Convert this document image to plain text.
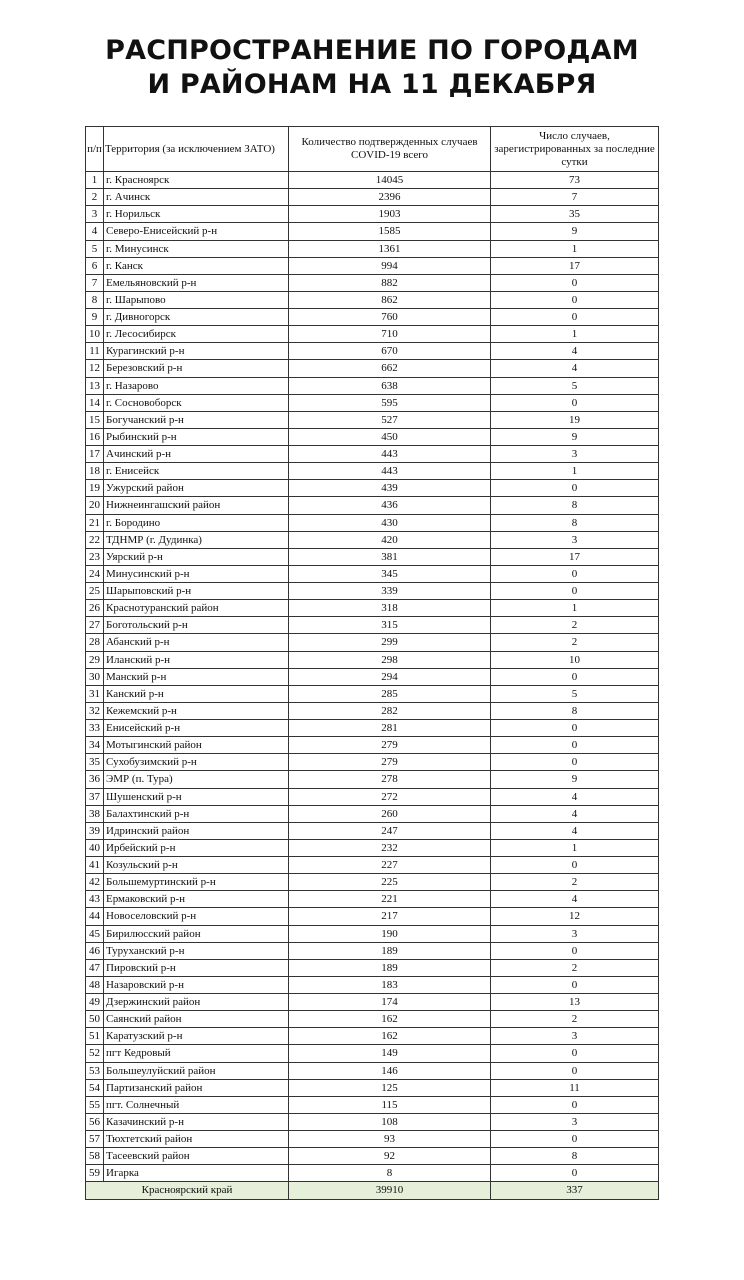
РАСПРОСТРАНЕНИЕ ПО ГОРОДАМ
И РАЙОНАМ НА 11 ДЕКАБРЯ
п/п	Территория (за исключением ЗАТО)	Количество подтвержденных случаев COVID-19 всего	Число случаев, зарегистрированных за последние сутки
1	г. Красноярск	14045	73
2	г. Ачинск	2396	7
3	г. Норильск	1903	35
4	Северо-Енисейский р-н	1585	9
5	г. Минусинск	1361	1
6	г. Канск	994	17
7	Емельяновский р-н	882	0
8	г. Шарыпово	862	0
9	г. Дивногорск	760	0
10	г. Лесосибирск	710	1
11	Курагинский р-н	670	4
12	Березовский р-н	662	4
13	г. Назарово	638	5
14	г. Сосновоборск	595	0
15	Богучанский р-н	527	19
16	Рыбинский р-н	450	9
17	Ачинский р-н	443	3
18	г. Енисейск	443	1
19	Ужурский район	439	0
20	Нижнеингашский район	436	8
21	г. Бородино	430	8
22	ТДНМР (г. Дудинка)	420	3
23	Уярский р-н	381	17
24	Минусинский р-н	345	0
25	Шарыповский р-н	339	0
26	Краснотуранский район	318	1
27	Боготольский р-н	315	2
28	Абанский р-н	299	2
29	Иланский р-н	298	10
30	Манский р-н	294	0
31	Канский р-н	285	5
32	Кежемский р-н	282	8
33	Енисейский р-н	281	0
34	Мотыгинский район	279	0
35	Сухобузимский р-н	279	0
36	ЭМР (п. Тура)	278	9
37	Шушенский р-н	272	4
38	Балахтинский р-н	260	4
39	Идринский район	247	4
40	Ирбейский р-н	232	1
41	Козульский р-н	227	0
42	Большемуртинский р-н	225	2
43	Ермаковский р-н	221	4
44	Новоселовский р-н	217	12
45	Бирилюсский район	190	3
46	Туруханский р-н	189	0
47	Пировский р-н	189	2
48	Назаровский р-н	183	0
49	Дзержинский район	174	13
50	Саянский район	162	2
51	Каратузский р-н	162	3
52	пгт Кедровый	149	0
53	Большеулуйский район	146	0
54	Партизанский район	125	11
55	пгт. Солнечный	115	0
56	Казачинский р-н	108	3
57	Тюхтетский район	93	0
58	Тасеевский район	92	8
59	Игарка	8	0
Красноярский край		39910	337
